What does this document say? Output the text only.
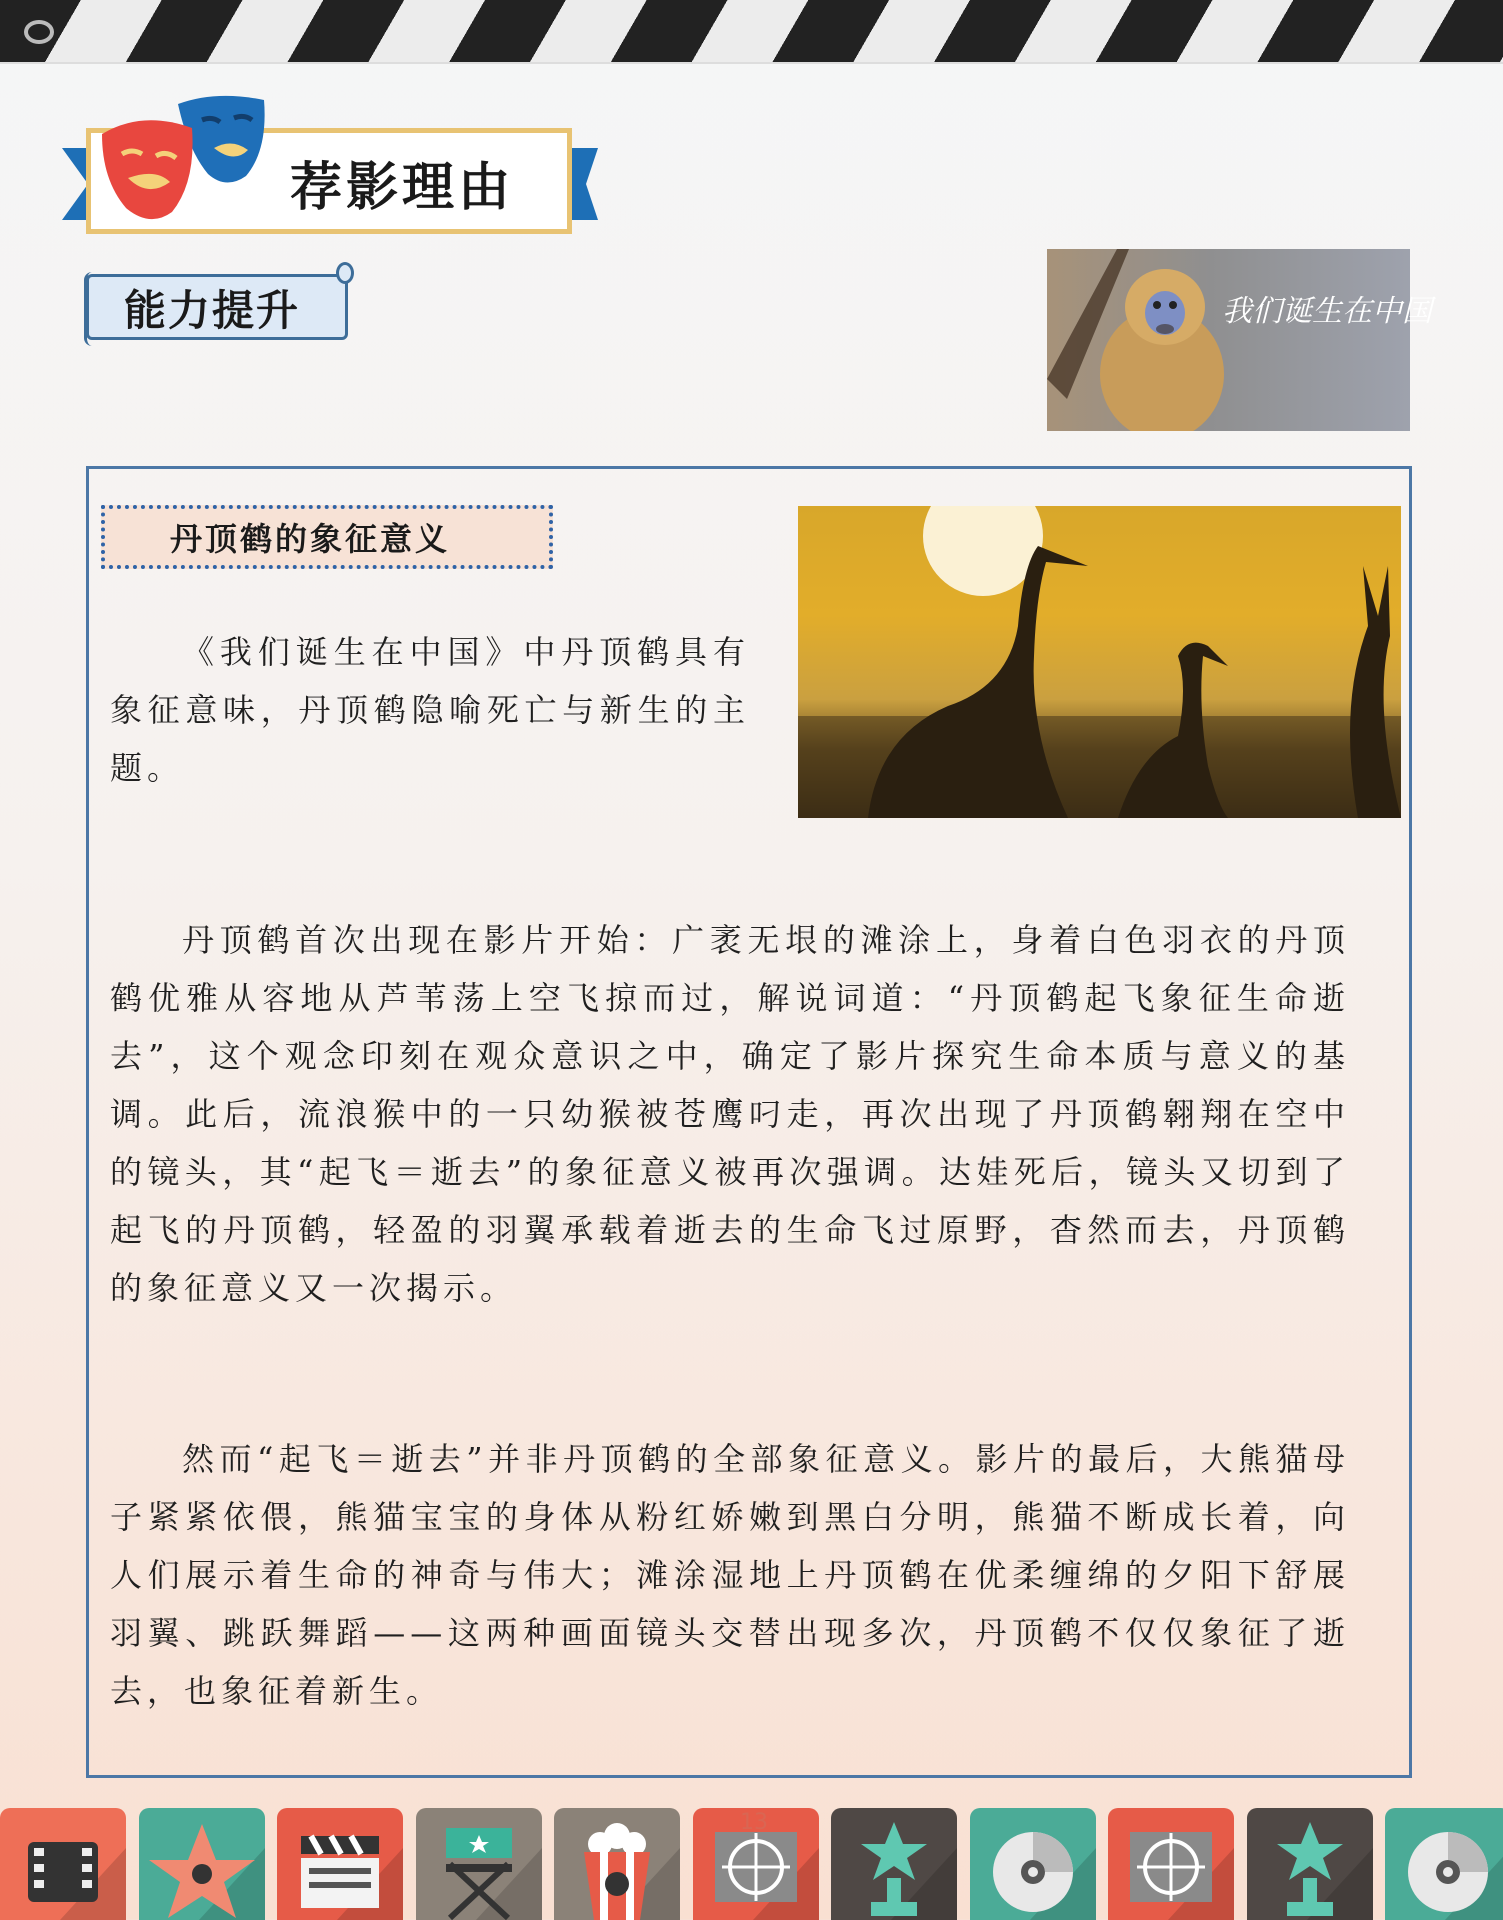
荐影理由
能力提升	我们诞生在中国
丹顶鹤的象征意义

《我们诞生在中国》中丹顶鹤具有象征意味，丹顶鹤隐喻死亡与新生的主题。

丹顶鹤首次出现在影片开始：广袤无垠的滩涂上，身着白色羽衣的丹顶鹤优雅从容地从芦苇荡上空飞掠而过，解说词道：“丹顶鹤起飞象征生命逝去”，这个观念印刻在观众意识之中，确定了影片探究生命本质与意义的基调。此后，流浪猴中的一只幼猴被苍鹰叼走，再次出现了丹顶鹤翱翔在空中的镜头，其“起飞＝逝去”的象征意义被再次强调。达娃死后，镜头又切到了起飞的丹顶鹤，轻盈的羽翼承载着逝去的生命飞过原野，杳然而去，丹顶鹤的象征意义又一次揭示。

然而“起飞＝逝去”并非丹顶鹤的全部象征意义。影片的最后，大熊猫母子紧紧依偎，熊猫宝宝的身体从粉红娇嫩到黑白分明，熊猫不断成长着，向人们展示着生命的神奇与伟大；滩涂湿地上丹顶鹤在优柔缠绵的夕阳下舒展羽翼、跳跃舞蹈——这两种画面镜头交替出现多次，丹顶鹤不仅仅象征了逝去，也象征着新生。

13
